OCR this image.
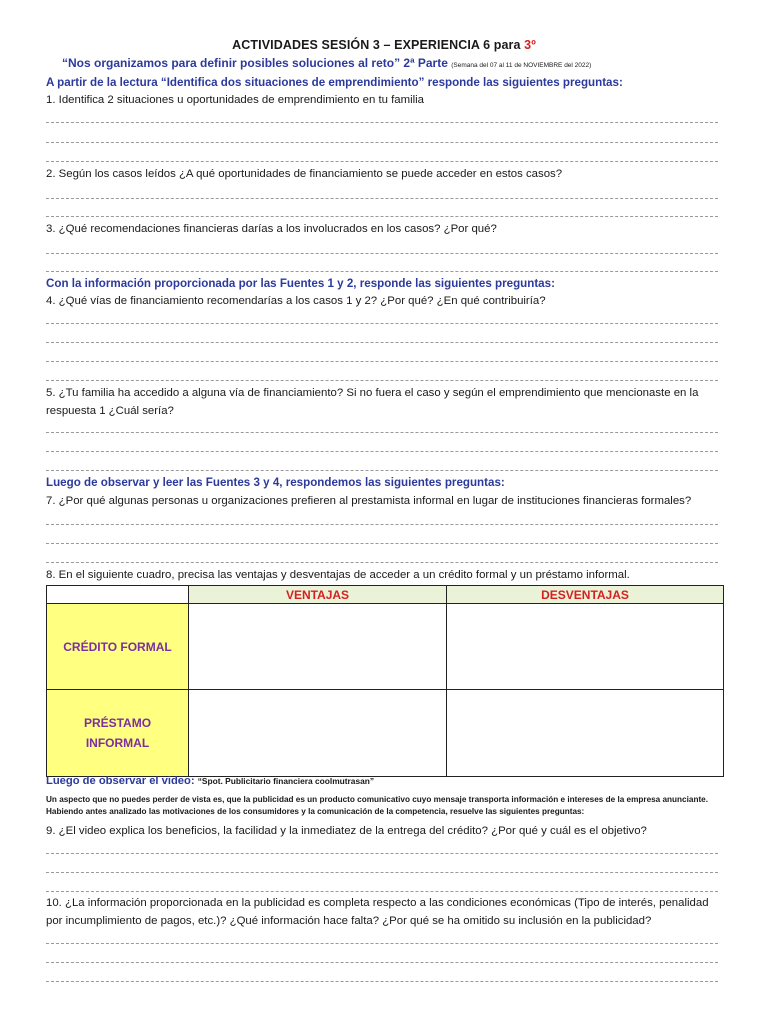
ACTIVIDADES SESIÓN 3 – EXPERIENCIA 6 para 3º
“Nos organizamos para definir posibles soluciones al reto” 2ª Parte (Semana del 07 al 11 de NOVIEMBRE del 2022)
A partir de la lectura “Identifica dos situaciones de emprendimiento” responde las siguientes preguntas:
1. Identifica 2 situaciones u oportunidades de emprendimiento en tu familia
2. Según los casos leídos ¿A qué oportunidades de financiamiento se puede acceder en estos casos?
3. ¿Qué recomendaciones financieras darías a los involucrados en los casos? ¿Por qué?
Con la información proporcionada por las Fuentes 1 y 2, responde las siguientes preguntas:
4. ¿Qué vías de financiamiento recomendarías a los casos 1 y 2? ¿Por qué? ¿En qué contribuiría?
5. ¿Tu familia ha accedido a alguna vía de financiamiento? Si no fuera el caso y según el emprendimiento que mencionaste en la respuesta 1 ¿Cuál sería?
Luego de observar y leer las Fuentes 3 y 4, respondemos las siguientes preguntas:
7. ¿Por qué algunas personas u organizaciones prefieren al prestamista informal en lugar de instituciones financieras formales?
8. En el siguiente cuadro, precisa las ventajas y desventajas de acceder a un crédito formal y un préstamo informal.
	VENTAJAS	DESVENTAJAS
CRÉDITO FORMAL		
PRÉSTAMO
INFORMAL		
Luego de observar el video: “Spot. Publicitario financiera coolmutrasan”
Un aspecto que no puedes perder de vista es, que la publicidad es un producto comunicativo cuyo mensaje transporta información e intereses de la empresa anunciante. Habiendo antes analizado las motivaciones de los consumidores y la comunicación de la competencia, resuelve las siguientes preguntas:
9. ¿El video explica los beneficios, la facilidad y la inmediatez de la entrega del crédito? ¿Por qué y cuál es el objetivo?
10. ¿La información proporcionada en la publicidad es completa respecto a las condiciones económicas (Tipo de interés, penalidad por incumplimiento de pagos, etc.)? ¿Qué información hace falta? ¿Por qué se ha omitido su inclusión en la publicidad?
